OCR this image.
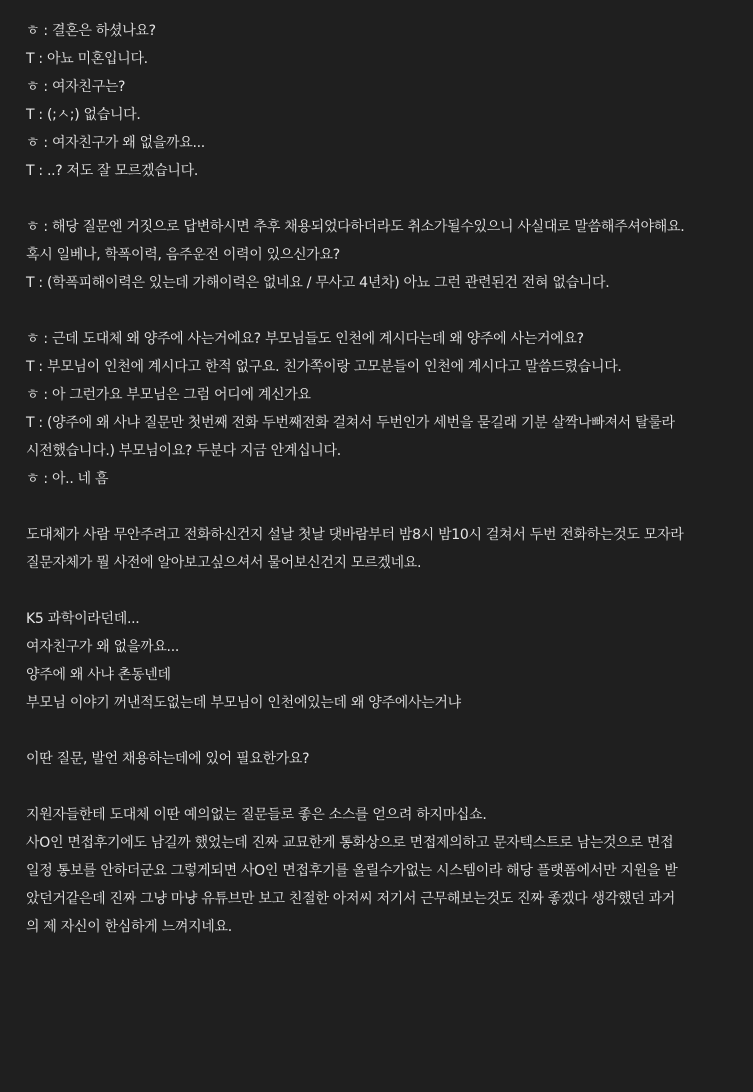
ㅎ : 결혼은 하셨나요?

T : 아뇨 미혼입니다.

ㅎ : 여자친구는?

T : (;ㅅ;) 없습니다.

ㅎ : 여자친구가 왜 없을까요...

T : ..? 저도 잘 모르겠습니다.

ㅎ : 해당 질문엔 거짓으로 답변하시면 추후 채용되었다하더라도 취소가될수있으니 사실대로 말씀해주셔야해요.

혹시 일베나, 학폭이력, 음주운전 이력이 있으신가요?

T : (학폭피해이력은 있는데 가해이력은 없네요 / 무사고 4년차) 아뇨 그런 관련된건 전혀 없습니다.

ㅎ : 근데 도대체 왜 양주에 사는거에요? 부모님들도 인천에 계시다는데 왜 양주에 사는거에요?

T : 부모님이 인천에 계시다고 한적 없구요. 친가쪽이랑 고모분들이 인천에 계시다고 말씀드렸습니다.

ㅎ : 아 그런가요 부모님은 그럼 어디에 계신가요

T : (양주에 왜 사냐 질문만 첫번째 전화 두번째전화 걸쳐서 두번인가 세번을 묻길래 기분 살짝나빠져서 탈룰라

시전했습니다.) 부모님이요? 두분다 지금 안계십니다.

ㅎ : 아.. 네 흠

도대체가 사람 무안주려고 전화하신건지 설날 첫날 댓바람부터 밤8시 밤10시 걸쳐서 두번 전화하는것도 모자라

질문자체가 뭘 사전에 알아보고싶으셔서 물어보신건지 모르겠네요.

K5 과학이라던데...

여자친구가 왜 없을까요...

양주에 왜 사냐 촌동넨데

부모님 이야기 꺼낸적도없는데 부모님이 인천에있는데 왜 양주에사는거냐

이딴 질문, 발언 채용하는데에 있어 필요한가요?

지원자들한테 도대체 이딴 예의없는 질문들로 좋은 소스를 얻으려 하지마십쇼.

사O인 면접후기에도 남길까 했었는데 진짜 교묘한게 통화상으로 면접제의하고 문자텍스트로 남는것으로 면접

일정 통보를 안하더군요 그렇게되면 사O인 면접후기를 올릴수가없는 시스템이라 해당 플랫폼에서만 지원을 받

았던거같은데 진짜 그냥 마냥 유튜브만 보고 친절한 아저씨 저기서 근무해보는것도 진짜 좋겠다 생각했던 과거

의 제 자신이 한심하게 느껴지네요.
